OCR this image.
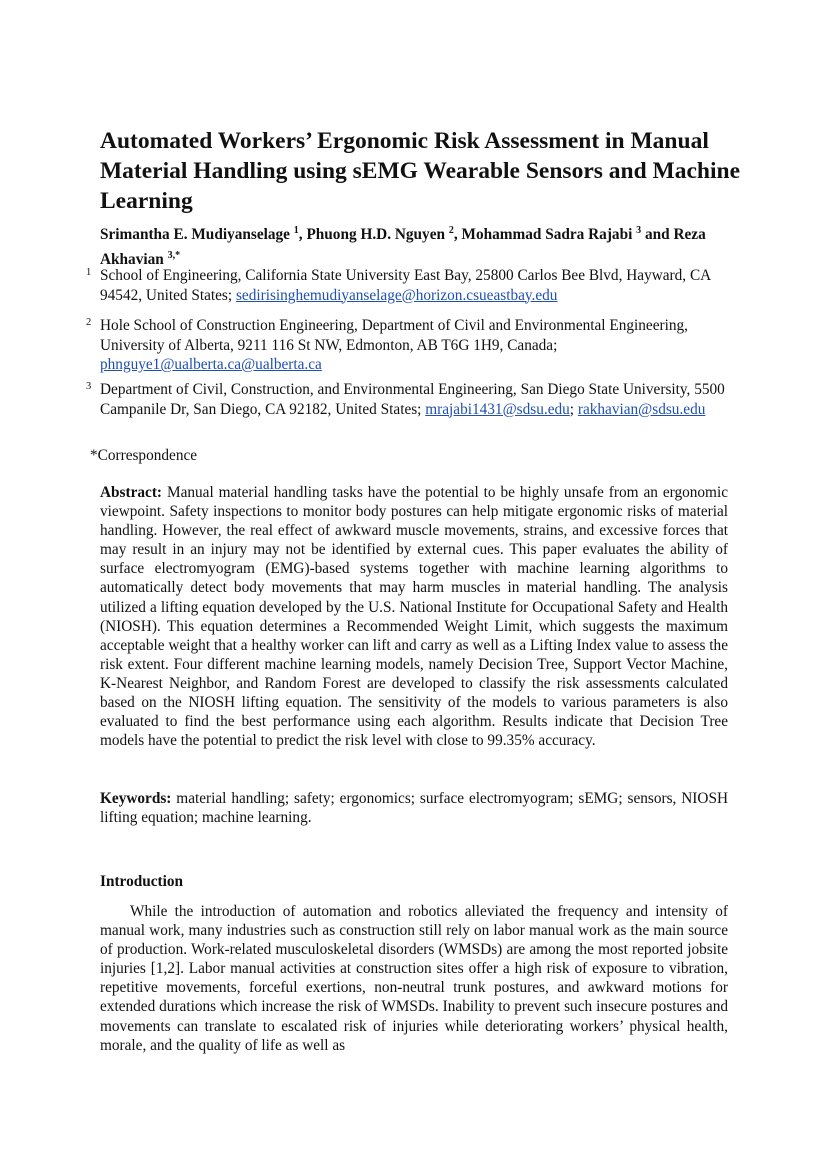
Automated Workers’ Ergonomic Risk Assessment in Manual Material Handling using sEMG Wearable Sensors and Machine Learning
Srimantha E. Mudiyanselage $^1$, Phuong H.D. Nguyen $^2$, Mohammad Sadra Rajabi $^3$ and Reza Akhavian $^{3,*}$
1 School of Engineering, California State University East Bay, 25800 Carlos Bee Blvd, Hayward, CA 94542, United States; sedirisinghemudiyanselage@horizon.csueastbay.edu
2 Hole School of Construction Engineering, Department of Civil and Environmental Engineering, University of Alberta, 9211 116 St NW, Edmonton, AB T6G 1H9, Canada; phnguye1@ualberta.ca@ualberta.ca
3 Department of Civil, Construction, and Environmental Engineering, San Diego State University, 5500 Campanile Dr, San Diego, CA 92182, United States; mrajabi1431@sdsu.edu; rakhavian@sdsu.edu
*Correspondence

Abstract: Manual material handling tasks have the potential to be highly unsafe from an ergonomic viewpoint. Safety inspections to monitor body postures can help mitigate ergonomic risks of material handling. However, the real effect of awkward muscle movements, strains, and excessive forces that may result in an injury may not be identified by external cues. This paper evaluates the ability of surface electromyogram (EMG)-based systems together with machine learning algorithms to automatically detect body movements that may harm muscles in material handling. The analysis utilized a lifting equation developed by the U.S. National Institute for Occupational Safety and Health (NIOSH). This equation determines a Recommended Weight Limit, which suggests the maximum acceptable weight that a healthy worker can lift and carry as well as a Lifting Index value to assess the risk extent. Four different machine learning models, namely Decision Tree, Support Vector Machine, K-Nearest Neighbor, and Random Forest are developed to classify the risk assessments calculated based on the NIOSH lifting equation. The sensitivity of the models to various parameters is also evaluated to find the best performance using each algorithm. Results indicate that Decision Tree models have the potential to predict the risk level with close to 99.35% accuracy.

Keywords: material handling; safety; ergonomics; surface electromyogram; sEMG; sensors, NIOSH lifting equation; machine learning.

Introduction

While the introduction of automation and robotics alleviated the frequency and intensity of manual work, many industries such as construction still rely on labor manual work as the main source of production. Work-related musculoskeletal disorders (WMSDs) are among the most reported jobsite injuries [1,2]. Labor manual activities at construction sites offer a high risk of exposure to vibration, repetitive movements, forceful exertions, non-neutral trunk postures, and awkward motions for extended durations which increase the risk of WMSDs. Inability to prevent such insecure postures and movements can translate to escalated risk of injuries while deteriorating workers’ physical health, morale, and the quality of life as well as
